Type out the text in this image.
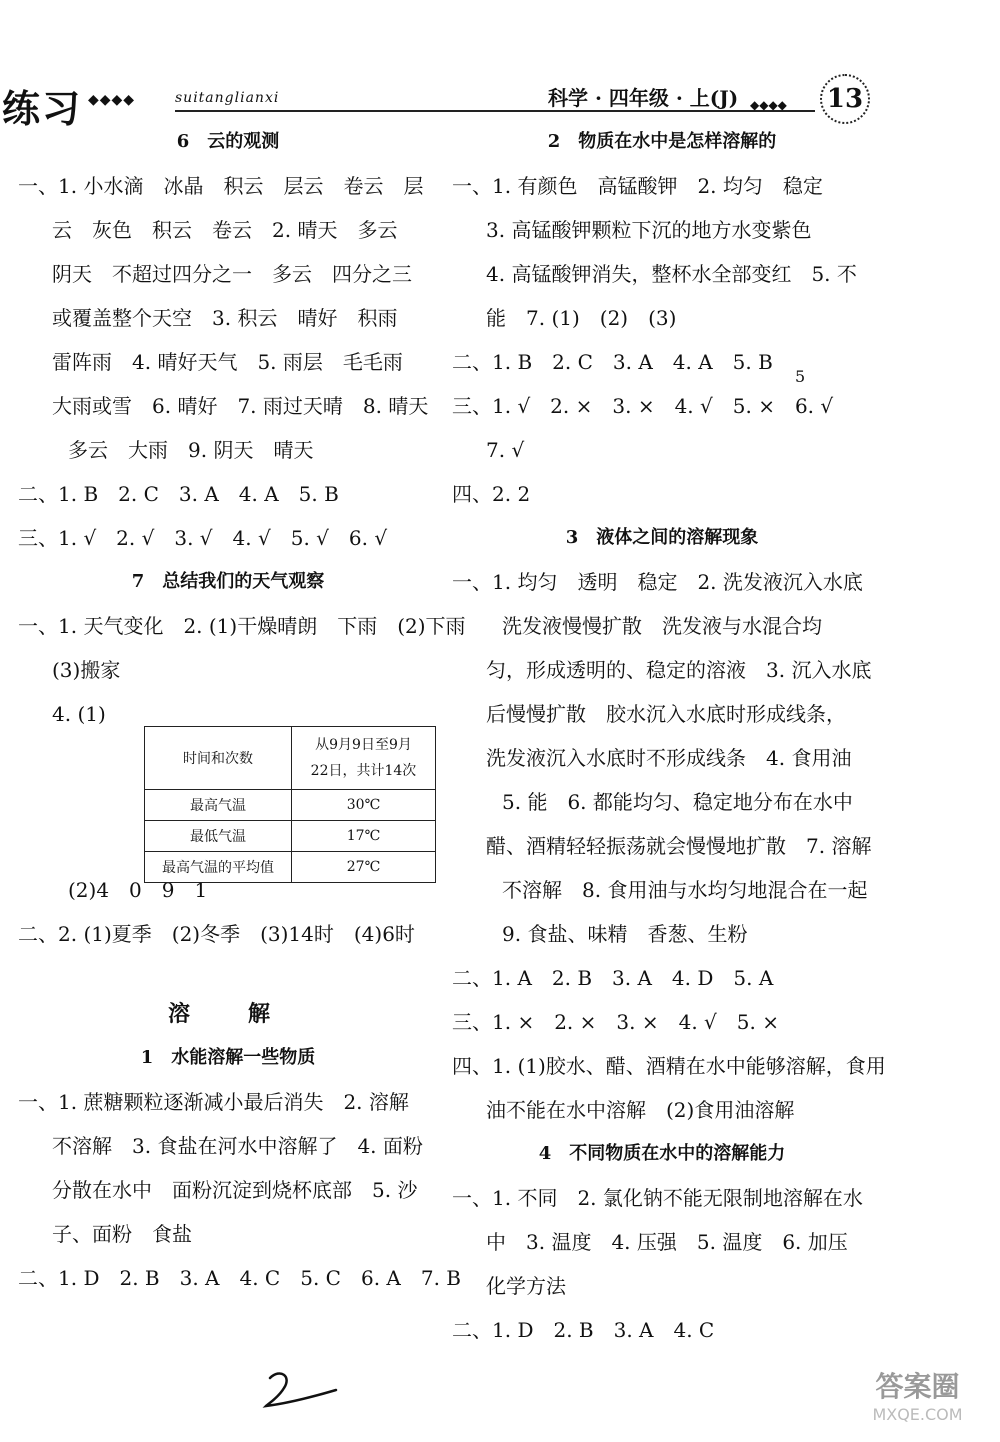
练习 ◆◆◆◆	suitanglianxi	科学 · 四年级 · 上(J) ◆◆◆◆ 13
6　云的观测
一、1. 小水滴　冰晶　积云　层云　卷云　层
云　灰色　积云　卷云　2. 晴天　多云
阴天　不超过四分之一　多云　四分之三
或覆盖整个天空　3. 积云　晴好　积雨
雷阵雨　4. 晴好天气　5. 雨层　毛毛雨
大雨或雪　6. 晴好　7. 雨过天晴　8. 晴天
多云　大雨　9. 阴天　晴天
二、1. B　2. C　3. A　4. A　5. B
三、1. √　2. √　3. √　4. √　5. √　6. √
7　总结我们的天气观察
一、1. 天气变化　2. (1)干燥晴朗　下雨　(2)下雨
(3)搬家
4. (1)
(2)4　0　9　1
二、2. (1)夏季　(2)冬季　(3)14时　(4)6时
溶　解
1　水能溶解一些物质
一、1. 蔗糖颗粒逐渐减小最后消失　2. 溶解
不溶解　3. 食盐在河水中溶解了　4. 面粉
分散在水中　面粉沉淀到烧杯底部　5. 沙
子、面粉　食盐
二、1. D　2. B　3. A　4. C　5. C　6. A　7. B
时间和次数	从9月9日至9月
22日，共计14次

最高气温	30℃
最低气温	17℃
最高气温的平均值	27℃
2　物质在水中是怎样溶解的
一、1. 有颜色　高锰酸钾　2. 均匀　稳定
3. 高锰酸钾颗粒下沉的地方水变紫色
4. 高锰酸钾消失，整杯水全部变红　5. 不
能　7. (1)　(2)　(3)
二、1. B　2. C　3. A　4. A　5. B
三、1. √　2. ×　3. ×　4. √　5. ×　6. √
7. √
四、2. 2
3　液体之间的溶解现象
一、1. 均匀　透明　稳定　2. 洗发液沉入水底
洗发液慢慢扩散　洗发液与水混合均
匀，形成透明的、稳定的溶液　3. 沉入水底
后慢慢扩散　胶水沉入水底时形成线条，
洗发液沉入水底时不形成线条　4. 食用油
5. 能　6. 都能均匀、稳定地分布在水中
醋、酒精轻轻振荡就会慢慢地扩散　7. 溶解
不溶解　8. 食用油与水均匀地混合在一起
9. 食盐、味精　香葱、生粉
二、1. A　2. B　3. A　4. D　5. A
三、1. ×　2. ×　3. ×　4. √　5. ×
四、1. (1)胶水、醋、酒精在水中能够溶解，食用
油不能在水中溶解　(2)食用油溶解
4　不同物质在水中的溶解能力
一、1. 不同　2. 氯化钠不能无限制地溶解在水
中　3. 温度　4. 压强　5. 温度　6. 加压
化学方法
二、1. D　2. B　3. A　4. C
5
答案圈
MXQE.COM
